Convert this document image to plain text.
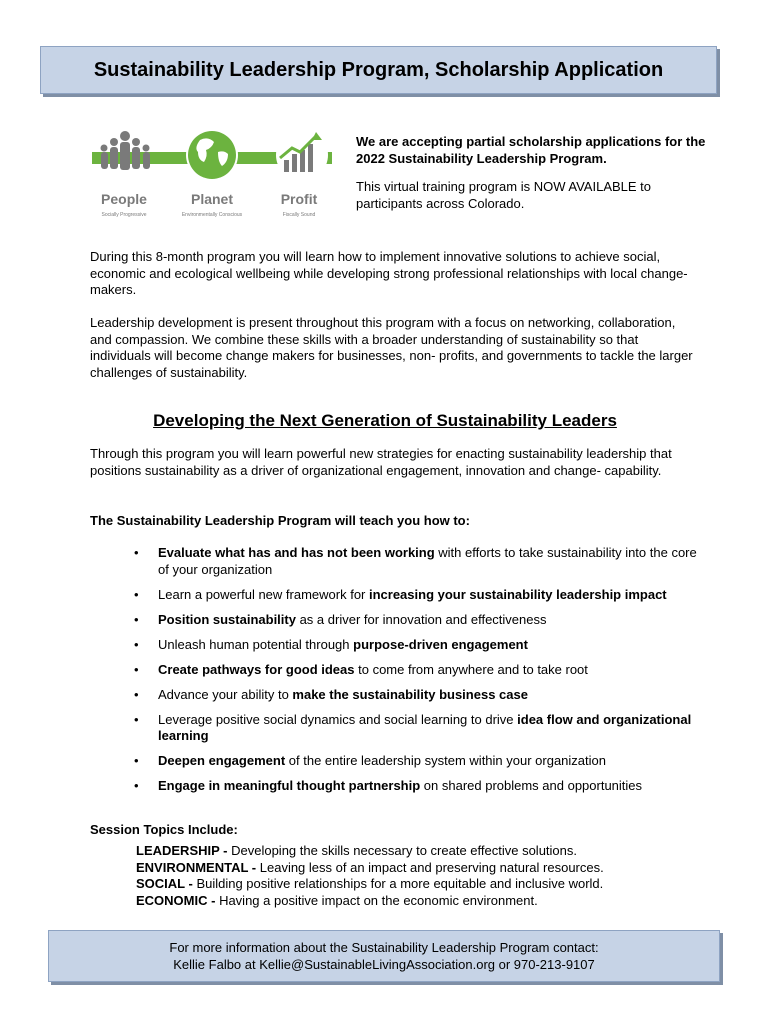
Sustainability Leadership Program, Scholarship Application
People	Planet	Profit
Socially Progressive	Environmentally Conscious	Fiscally Sound

We are accepting partial scholarship applications for the 2022 Sustainability Leadership Program.

This virtual training program is NOW AVAILABLE to participants across Colorado.

During this 8-month program you will learn how to implement innovative solutions to achieve social, economic and ecological wellbeing while developing strong professional relationships with local change-makers.

Leadership development is present throughout this program with a focus on networking, collaboration, and compassion. We combine these skills with a broader understanding of sustainability so that individuals will become change makers for businesses, non- profits, and governments to tackle the larger challenges of sustainability.

Developing the Next Generation of Sustainability Leaders

Through this program you will learn powerful new strategies for enacting sustainability leadership that positions sustainability as a driver of organizational engagement, innovation and change- capability.

The Sustainability Leadership Program will teach you how to:
• Evaluate what has and has not been working with efforts to take sustainability into the core of your organization
• Learn a powerful new framework for increasing your sustainability leadership impact
• Position sustainability as a driver for innovation and effectiveness
• Unleash human potential through purpose-driven engagement
• Create pathways for good ideas to come from anywhere and to take root
• Advance your ability to make the sustainability business case
• Leverage positive social dynamics and social learning to drive idea flow and organizational learning
• Deepen engagement of the entire leadership system within your organization
• Engage in meaningful thought partnership on shared problems and opportunities
Session Topics Include:
LEADERSHIP - Developing the skills necessary to create effective solutions.
ENVIRONMENTAL - Leaving less of an impact and preserving natural resources.
SOCIAL - Building positive relationships for a more equitable and inclusive world.
ECONOMIC - Having a positive impact on the economic environment.
For more information about the Sustainability Leadership Program contact:
Kellie Falbo at Kellie@SustainableLivingAssociation.org or 970-213-9107
